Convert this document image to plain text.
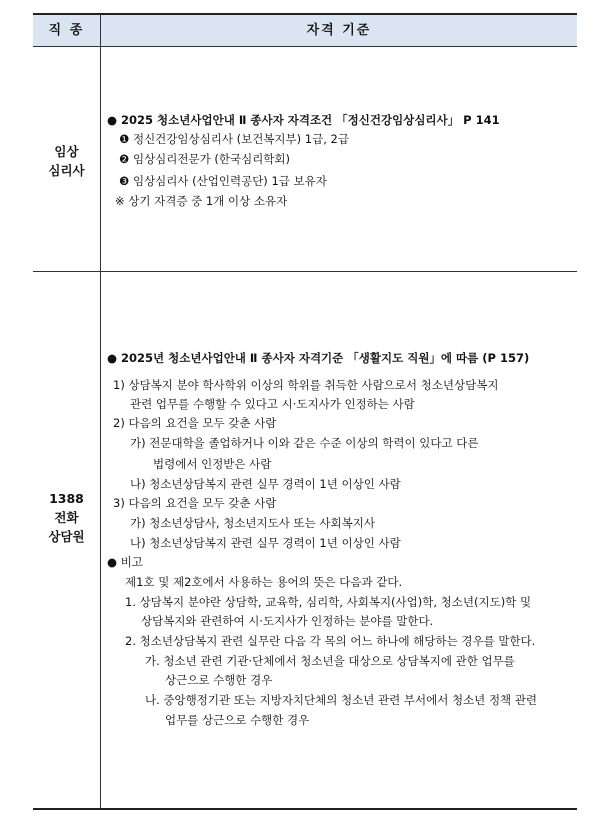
직 종	자격 기준
임상
심리사
● 2025 청소년사업안내 Ⅱ 종사자 자격조건 「정신건강임상심리사」 P 141
❶ 정신건강임상심리사 (보건복지부) 1급, 2급
❷ 임상심리전문가 (한국심리학회)
❸ 임상심리사 (산업인력공단) 1급 보유자
※ 상기 자격증 중 1개 이상 소유자
1388
전화
상담원
● 2025년 청소년사업안내 Ⅱ 종사자 자격기준 「생활지도 직원」에 따름 (P 157)
1) 상담복지 분야 학사학위 이상의 학위를 취득한 사람으로서 청소년상담복지
관련 업무를 수행할 수 있다고 시·도지사가 인정하는 사람
2) 다음의 요건을 모두 갖춘 사람
가) 전문대학을 졸업하거나 이와 같은 수준 이상의 학력이 있다고 다른
법령에서 인정받은 사람
나) 청소년상담복지 관련 실무 경력이 1년 이상인 사람
3) 다음의 요건을 모두 갖춘 사람
가) 청소년상담사, 청소년지도사 또는 사회복지사
나) 청소년상담복지 관련 실무 경력이 1년 이상인 사람
● 비고
제1호 및 제2호에서 사용하는 용어의 뜻은 다음과 같다.
1. 상담복지 분야란 상담학, 교육학, 심리학, 사회복지(사업)학, 청소년(지도)학 및
상담복지와 관련하여 시·도지사가 인정하는 분야를 말한다.
2. 청소년상담복지 관련 실무란 다음 각 목의 어느 하나에 해당하는 경우를 말한다.
가. 청소년 관련 기관·단체에서 청소년을 대상으로 상담복지에 관한 업무를
상근으로 수행한 경우
나. 중앙행정기관 또는 지방자치단체의 청소년 관련 부서에서 청소년 정책 관련
업무를 상근으로 수행한 경우
